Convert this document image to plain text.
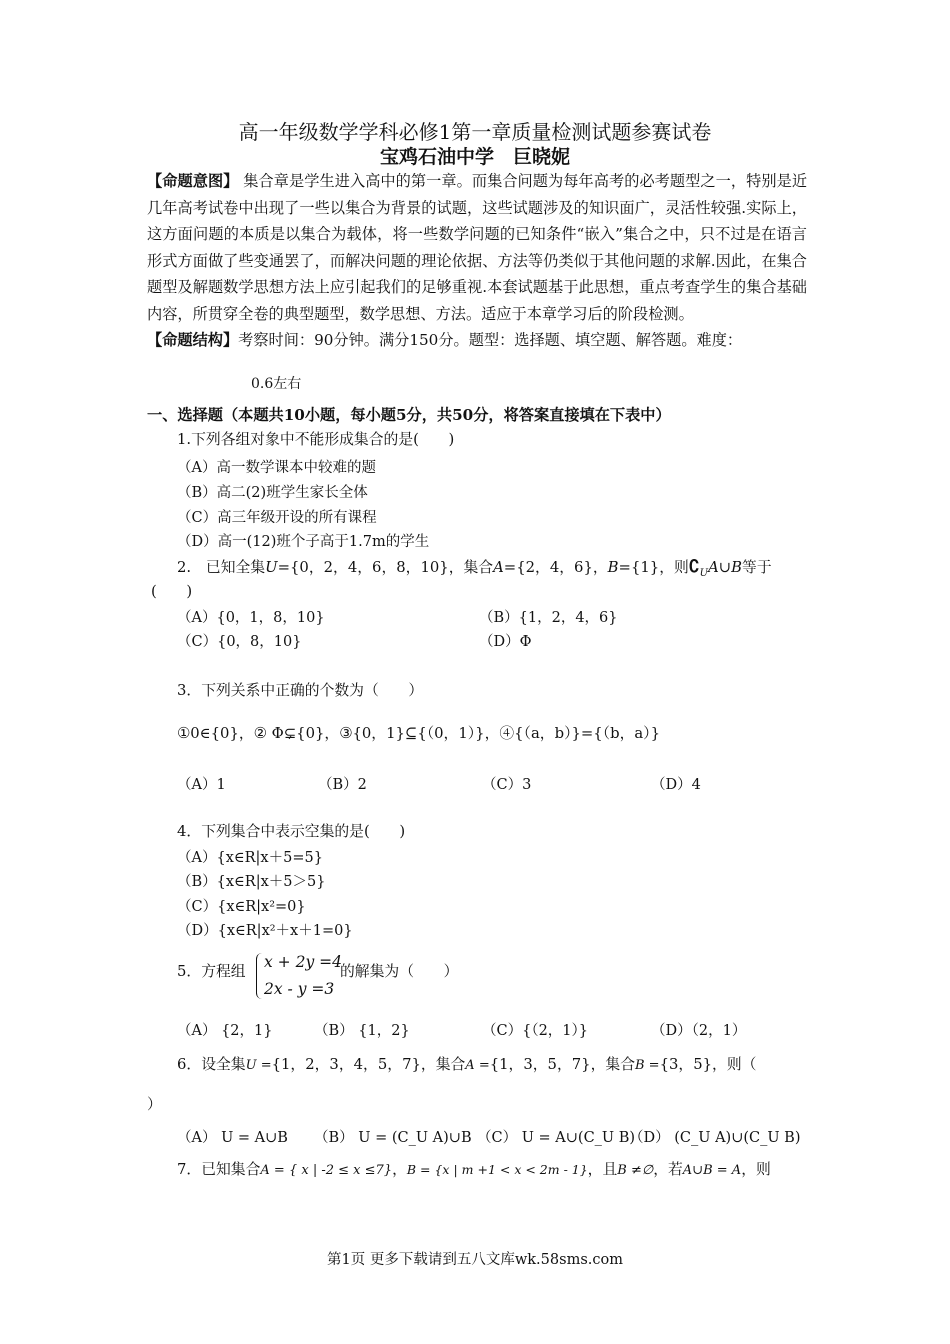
高一年级数学学科必修1第一章质量检测试题参赛试卷
宝鸡石油中学　巨晓妮
【命题意图】 集合章是学生进入高中的第一章。而集合问题为每年高考的必考题型之一，特别是近几年高考试卷中出现了一些以集合为背景的试题，这些试题涉及的知识面广，灵活性较强.实际上，这方面问题的本质是以集合为载体，将一些数学问题的已知条件“嵌入”集合之中，只不过是在语言形式方面做了些变通罢了，而解决问题的理论依据、方法等仍类似于其他问题的求解.因此，在集合题型及解题数学思想方法上应引起我们的足够重视.本套试题基于此思想，重点考查学生的集合基础内容，所贯穿全卷的典型题型，数学思想、方法。适应于本章学习后的阶段检测。
【命题结构】考察时间：90分钟。满分150分。题型：选择题、填空题、解答题。难度：
0.6左右
一、选择题（本题共10小题，每小题5分，共50分，将答案直接填在下表中）
1.下列各组对象中不能形成集合的是(　　)
（A）高一数学课本中较难的题
（B）高二(2)班学生家长全体
（C）高三年级开设的所有课程
（D）高一(12)班个子高于1.7m的学生
2.　已知全集U={0，2，4，6，8，10}，集合A={2，4，6}，B={1}，则$∁_UA\cup B$等于
(　　)
（A）{0，1，8，10}	（B）{1，2，4，6}
（C）{0，8，10}	（D）Φ
3．下列关系中正确的个数为（　　）
①0∈{0}，② Φ⊊{0}，③{0，1}⊆{（0，1）}，④{（a，b）}={（b，a）}
（A）1	（B）2	（C）3	（D）4
4．下列集合中表示空集的是(　　)
（A）{x∈R|x＋5=5}
（B）{x∈R|x＋5＞5}
（C）{x∈R|x²=0}
（D）{x∈R|x²＋x＋1=0}
5．方程组
x + 2y =4
2x - y =3
的解集为（　　）
（A） {2，1}	（B） {1，2}	（C）{（2，1）}	（D）（2，1）
6．设全集U ={1，2，3，4，5，7}，集合A ={1，3，5，7}，集合B ={3，5}，则（
）
（A） U = A∪B （B） U = (C_U A)∪B （C） U = A∪(C_U B)
（D） (C_U A)∪(C_U B)
7．已知集合A = { x | -2 ≤ x ≤7}，B = {x | m +1 < x < 2m - 1}，且B ≠∅，若A∪B = A，则
第1页 更多下载请到五八文库wk.58sms.com
